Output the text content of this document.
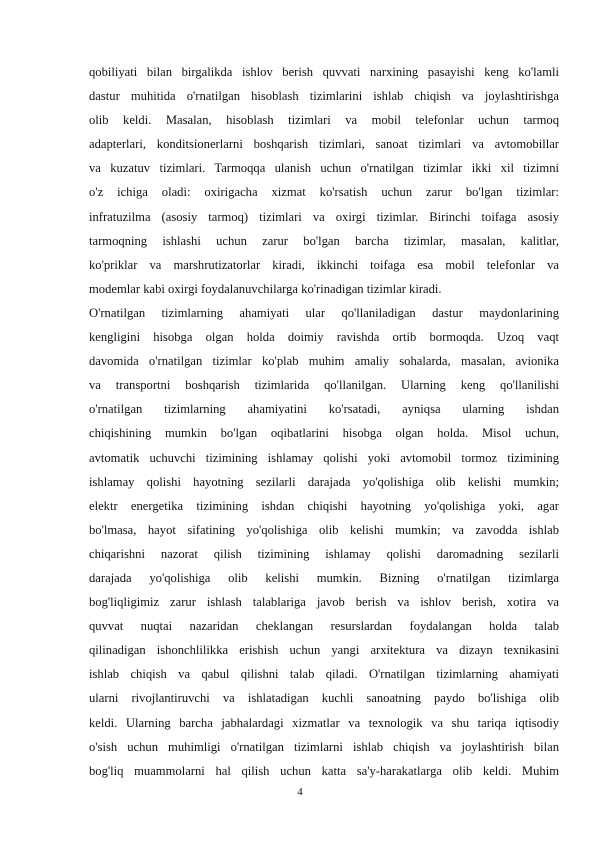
qobiliyati bilan birgalikda ishlov berish quvvati narxining pasayishi keng ko'lamli
dastur muhitida o'rnatilgan hisoblash tizimlarini ishlab chiqish va joylashtirishga
olib keldi. Masalan, hisoblash tizimlari va mobil telefonlar uchun tarmoq
adapterlari, konditsionerlarni boshqarish tizimlari, sanoat tizimlari va avtomobillar
va kuzatuv tizimlari. Tarmoqqa ulanish uchun o'rnatilgan tizimlar ikki xil tizimni
o'z ichiga oladi: oxirigacha xizmat ko'rsatish uchun zarur bo'lgan tizimlar:
infratuzilma (asosiy tarmoq) tizimlari va oxirgi tizimlar. Birinchi toifaga asosiy
tarmoqning ishlashi uchun zarur bo'lgan barcha tizimlar, masalan, kalitlar,
ko'priklar va marshrutizatorlar kiradi, ikkinchi toifaga esa mobil telefonlar va
modemlar kabi oxirgi foydalanuvchilarga ko'rinadigan tizimlar kiradi.
O'rnatilgan tizimlarning ahamiyati ular qo'llaniladigan dastur maydonlarining
kengligini hisobga olgan holda doimiy ravishda ortib bormoqda. Uzoq vaqt
davomida o'rnatilgan tizimlar ko'plab muhim amaliy sohalarda, masalan, avionika
va transportni boshqarish tizimlarida qo'llanilgan. Ularning keng qo'llanilishi
o'rnatilgan tizimlarning ahamiyatini ko'rsatadi, ayniqsa ularning ishdan
chiqishining mumkin bo'lgan oqibatlarini hisobga olgan holda. Misol uchun,
avtomatik uchuvchi tizimining ishlamay qolishi yoki avtomobil tormoz tizimining
ishlamay qolishi hayotning sezilarli darajada yo'qolishiga olib kelishi mumkin;
elektr energetika tizimining ishdan chiqishi hayotning yo'qolishiga yoki, agar
bo'lmasa, hayot sifatining yo'qolishiga olib kelishi mumkin; va zavodda ishlab
chiqarishni nazorat qilish tizimining ishlamay qolishi daromadning sezilarli
darajada yo'qolishiga olib kelishi mumkin. Bizning o'rnatilgan tizimlarga
bog'liqligimiz zarur ishlash talablariga javob berish va ishlov berish, xotira va
quvvat nuqtai nazaridan cheklangan resurslardan foydalangan holda talab
qilinadigan ishonchlilikka erishish uchun yangi arxitektura va dizayn texnikasini
ishlab chiqish va qabul qilishni talab qiladi. O'rnatilgan tizimlarning ahamiyati
ularni rivojlantiruvchi va ishlatadigan kuchli sanoatning paydo bo'lishiga olib
keldi. Ularning barcha jabhalardagi xizmatlar va texnologik va shu tariqa iqtisodiy
o'sish uchun muhimligi o'rnatilgan tizimlarni ishlab chiqish va joylashtirish bilan
bog'liq muammolarni hal qilish uchun katta sa'y-harakatlarga olib keldi. Muhim
4
